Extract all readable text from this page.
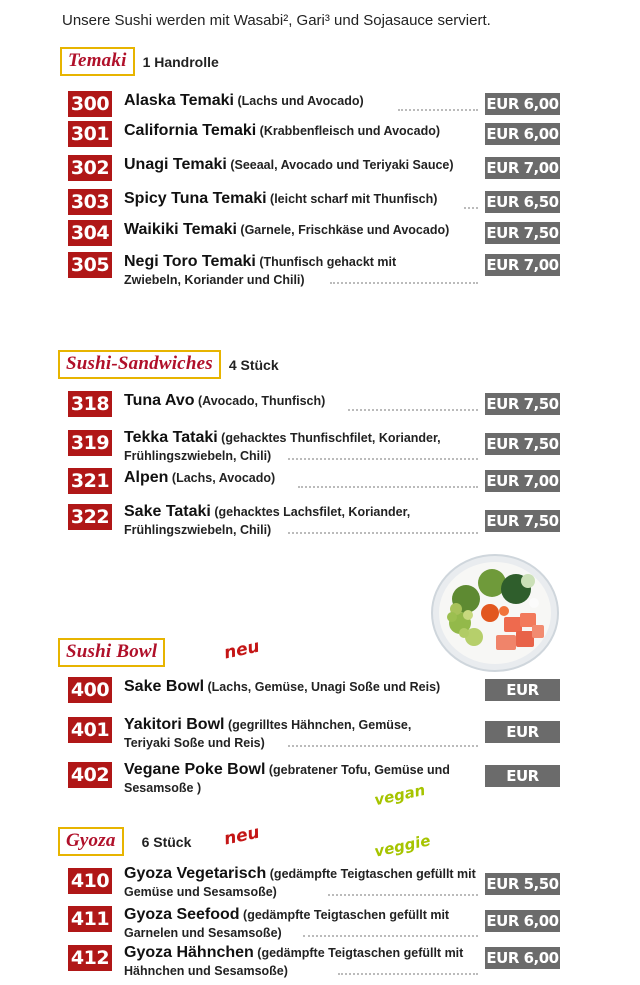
Unsere Sushi werden mit Wasabi², Gari³ und Sojasauce serviert.
Temaki 1 Handrolle
300 Alaska Temaki (Lachs und Avocado)	EUR 6,00
301 California Temaki (Krabbenfleisch und Avocado)	EUR 6,00
302 Unagi Temaki (Seeaal, Avocado und Teriyaki Sauce)	EUR 7,00
303 Spicy Tuna Temaki (leicht scharf mit Thunfisch)	EUR 6,50
304 Waikiki Temaki (Garnele, Frischkäse und Avocado)	EUR 7,50
305 Negi Toro Temaki (Thunfisch gehackt mit Zwiebeln, Koriander und Chili)
EUR 7,00
Sushi-Sandwiches 4 Stück
318 Tuna Avo (Avocado, Thunfisch)	EUR 7,50
319 Tekka Tataki (gehacktes Thunfischfilet, Koriander, Frühlingszwiebeln, Chili)
EUR 7,50
321 Alpen (Lachs, Avocado)	EUR 7,00
322 Sake Tataki (gehacktes Lachsfilet, Koriander, Frühlingszwiebeln, Chili)	EUR 7,50
Sushi Bowl	neu
400 Sake Bowl (Lachs, Gemüse, Unagi Soße und Reis)	EUR 14,50
401 Yakitori Bowl (gegrilltes Hähnchen, Gemüse, Teriyaki Soße und Reis)
EUR 14,50
402 Vegane Poke Bowl (gebratener Tofu, Gemüse und Sesamsoße )
EUR 13,50
vegan
Gyoza 6 Stück neu	veggie
410 Gyoza Vegetarisch (gedämpfte Teigtaschen gefüllt mit Gemüse und Sesamsoße)	EUR 5,50
411 Gyoza Seefood (gedämpfte Teigtaschen gefüllt mit Garnelen und Sesamsoße)
EUR 6,00
412 Gyoza Hähnchen (gedämpfte Teigtaschen gefüllt mit Hähnchen und Sesamsoße)
EUR 6,00
